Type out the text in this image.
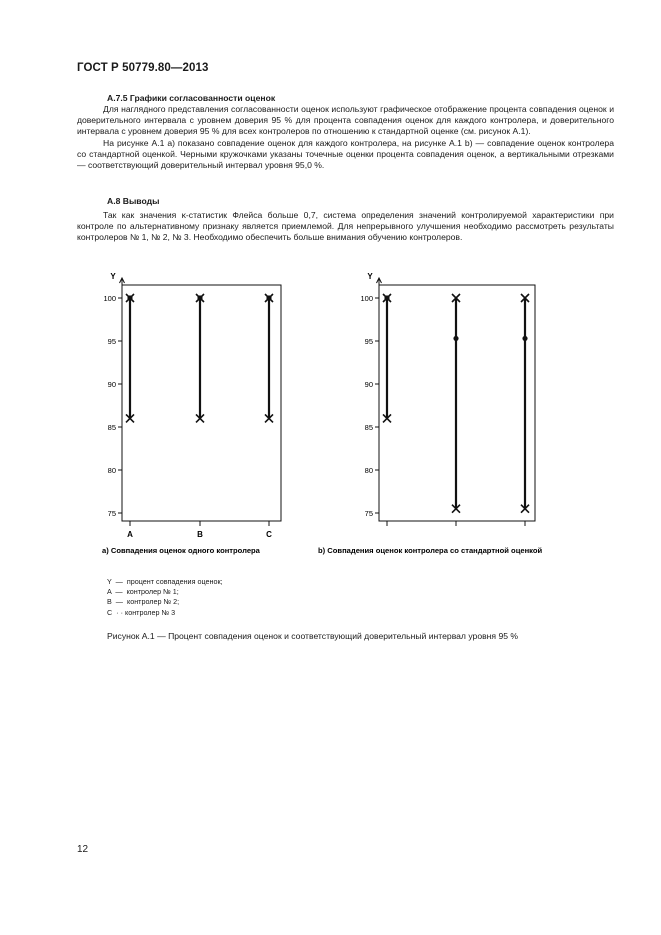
ГОСТ Р 50779.80—2013
А.7.5 Графики согласованности оценок

Для наглядного представления согласованности оценок используют графическое отображение процента совпадения оценок и доверительного интервала с уровнем доверия 95 % для процента совпадения оценок для каждого контролера, и доверительного интервала с уровнем доверия 95 % для всех контролеров по отношению к стандартной оценке (см. рисунок А.1).

На рисунке А.1 а) показано совпадение оценок для каждого контролера, на рисунке А.1 b) — совпадение оценок контролера со стандартной оценкой. Черными кружочками указаны точечные оценки процента совпадения оценок, а вертикальными отрезками — соответствующий доверительный интервал уровня 95,0 %.

А.8 Выводы

Так как значения κ-статистик Флейса больше 0,7, система определения значений контролируемой характеристики при контроле по альтернативному признаку является приемлемой. Для непрерывного улучшения необходимо рассмотреть результаты контролеров № 1, № 2, № 3. Необходимо обеспечить больше внимания обучению контролеров.

Y
75
80
85
90
95
100
A	B	C
Y
75
80
85
90
95
100
a) Совпадения оценок одного контролера	b) Совпадения оценок контролера со стандартной оценкой
Y  —  процент совпадения оценок;
A  —  контролер № 1;
B  —  контролер № 2;
C  · · контролер № 3
Рисунок А.1 — Процент совпадения оценок и соответствующий доверительный интервал уровня 95 %
12
